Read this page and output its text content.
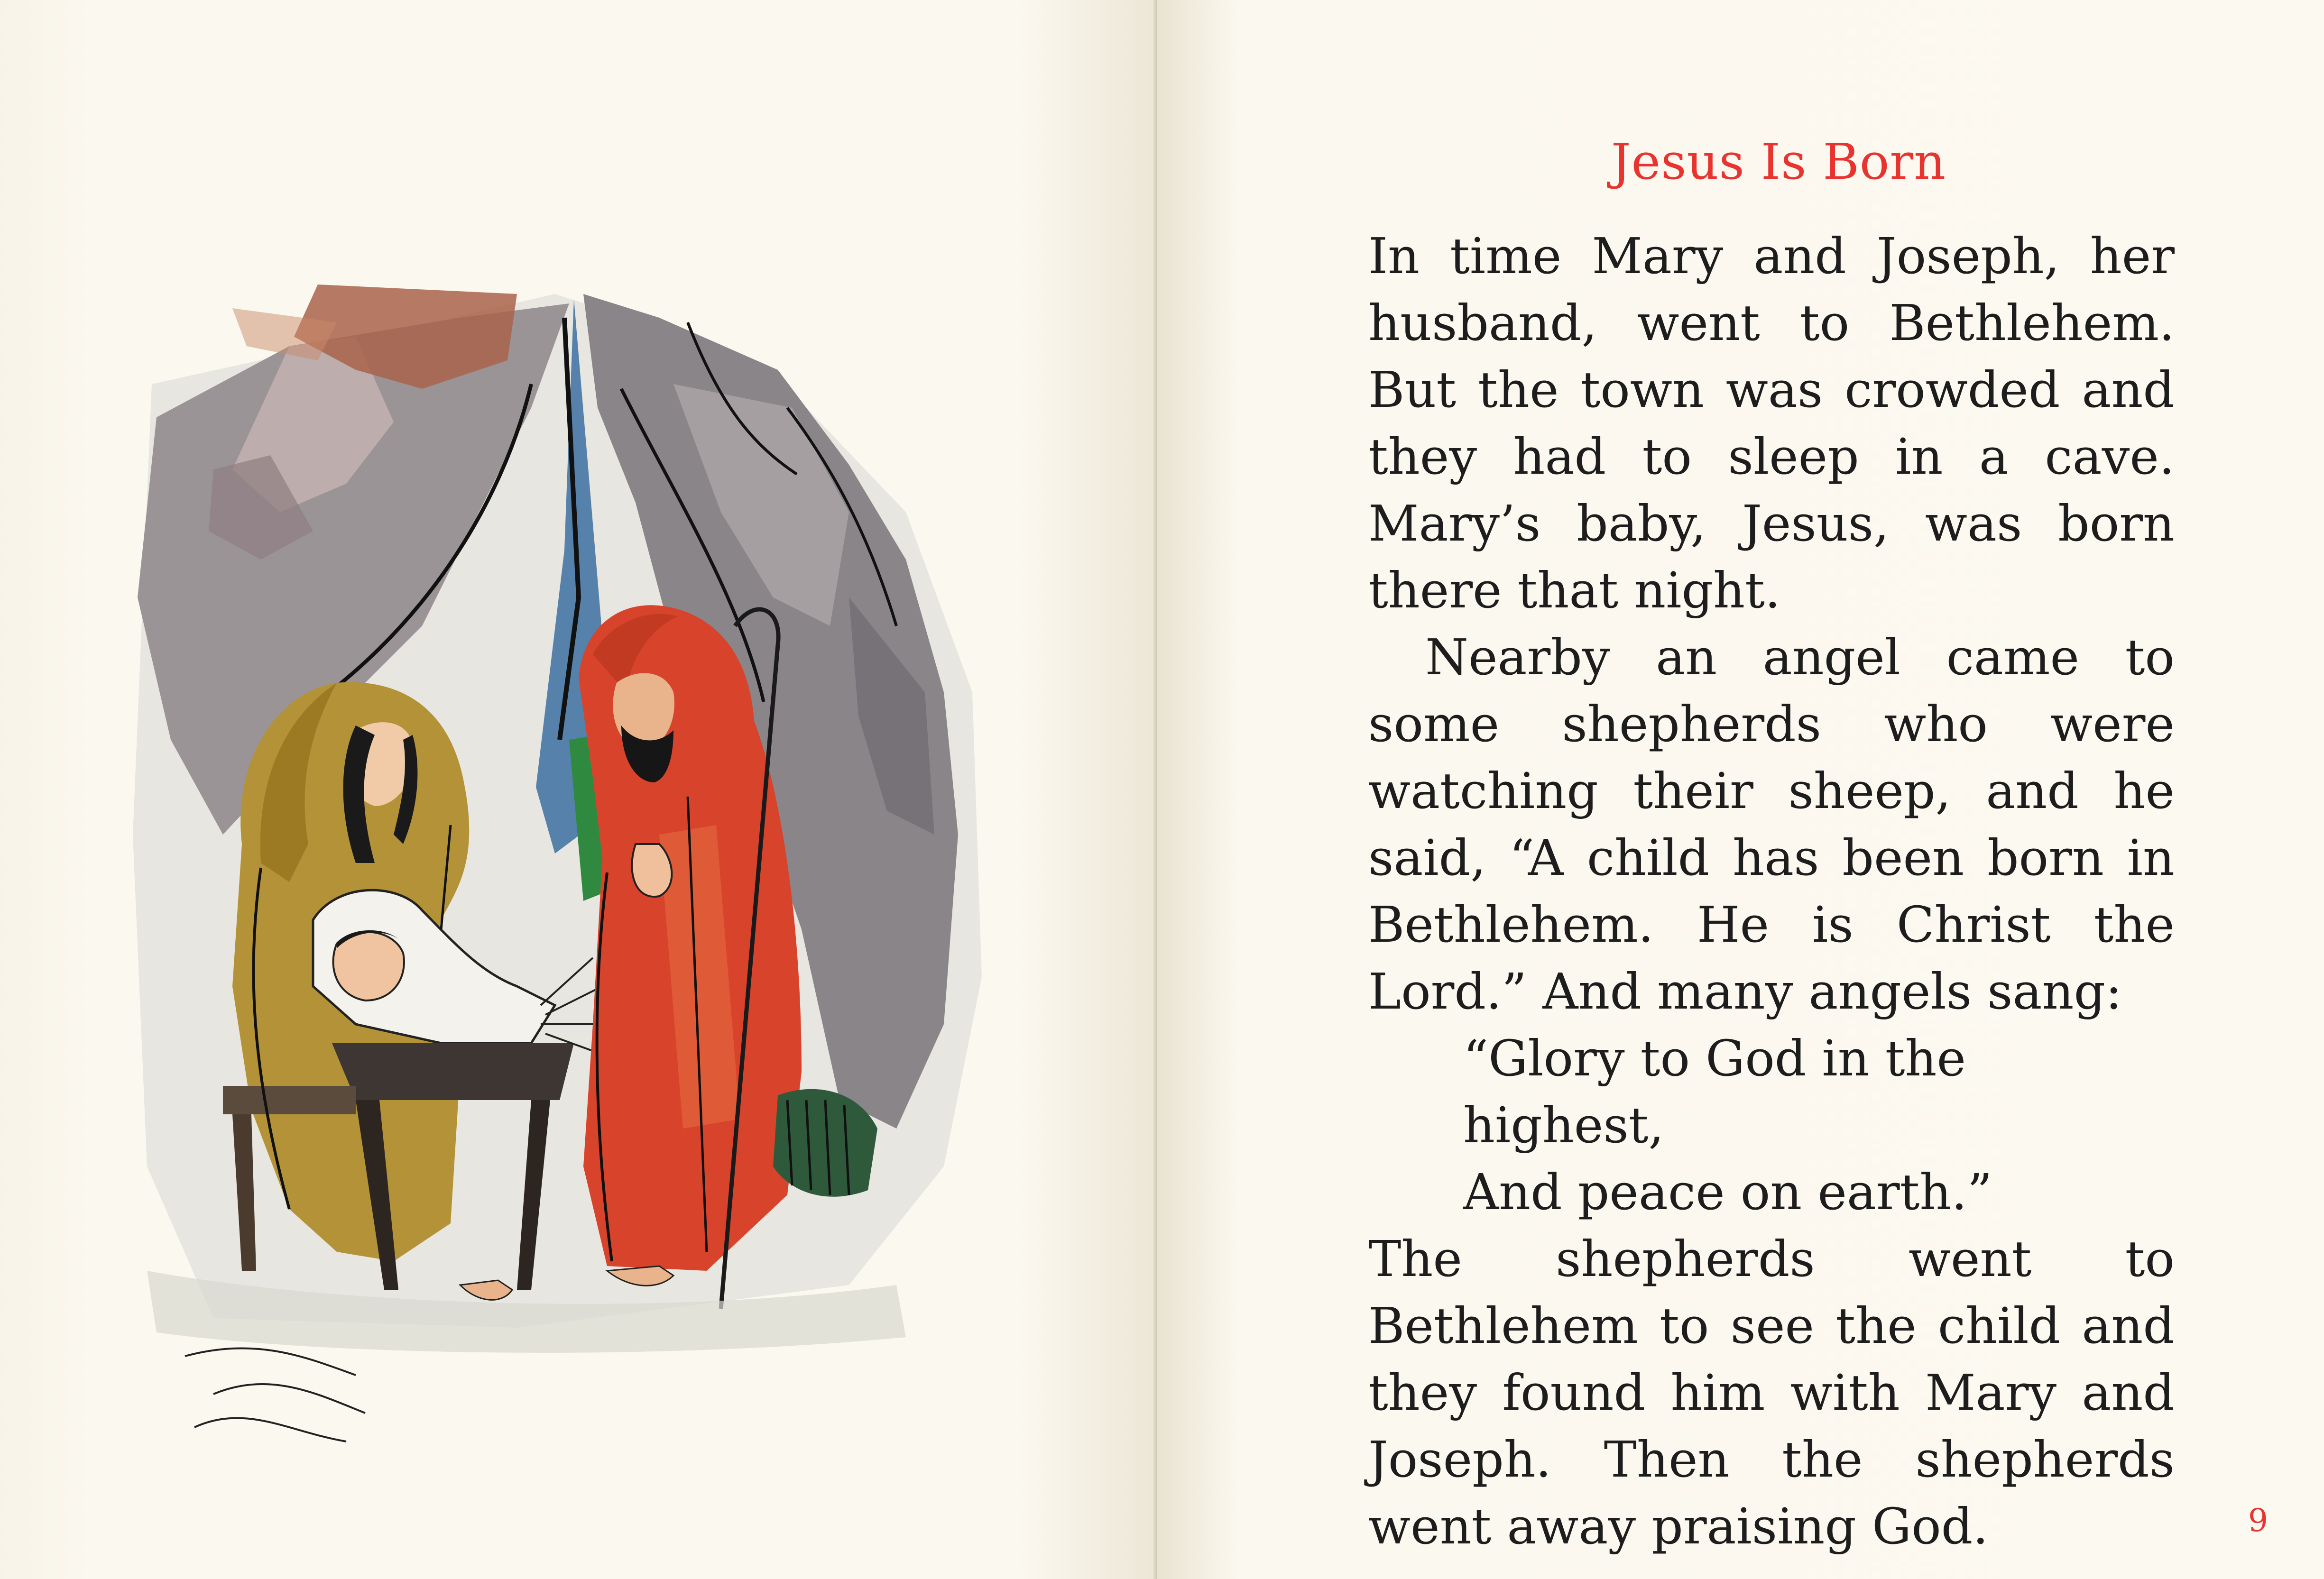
Jesus Is Born

In time Mary and Joseph, her husband, went to Bethlehem. But the town was crowded and they had to sleep in a cave. Mary’s baby, Jesus, was born there that night.

Nearby an angel came to some shepherds who were watching their sheep, and he said, “A child has been born in Bethlehem. He is Christ the Lord.” And many angels sang:

“Glory to God in the highest,
And peace on earth.”

The shepherds went to Bethlehem to see the child and they found him with Mary and Joseph. Then the shepherds went away praising God.	9
